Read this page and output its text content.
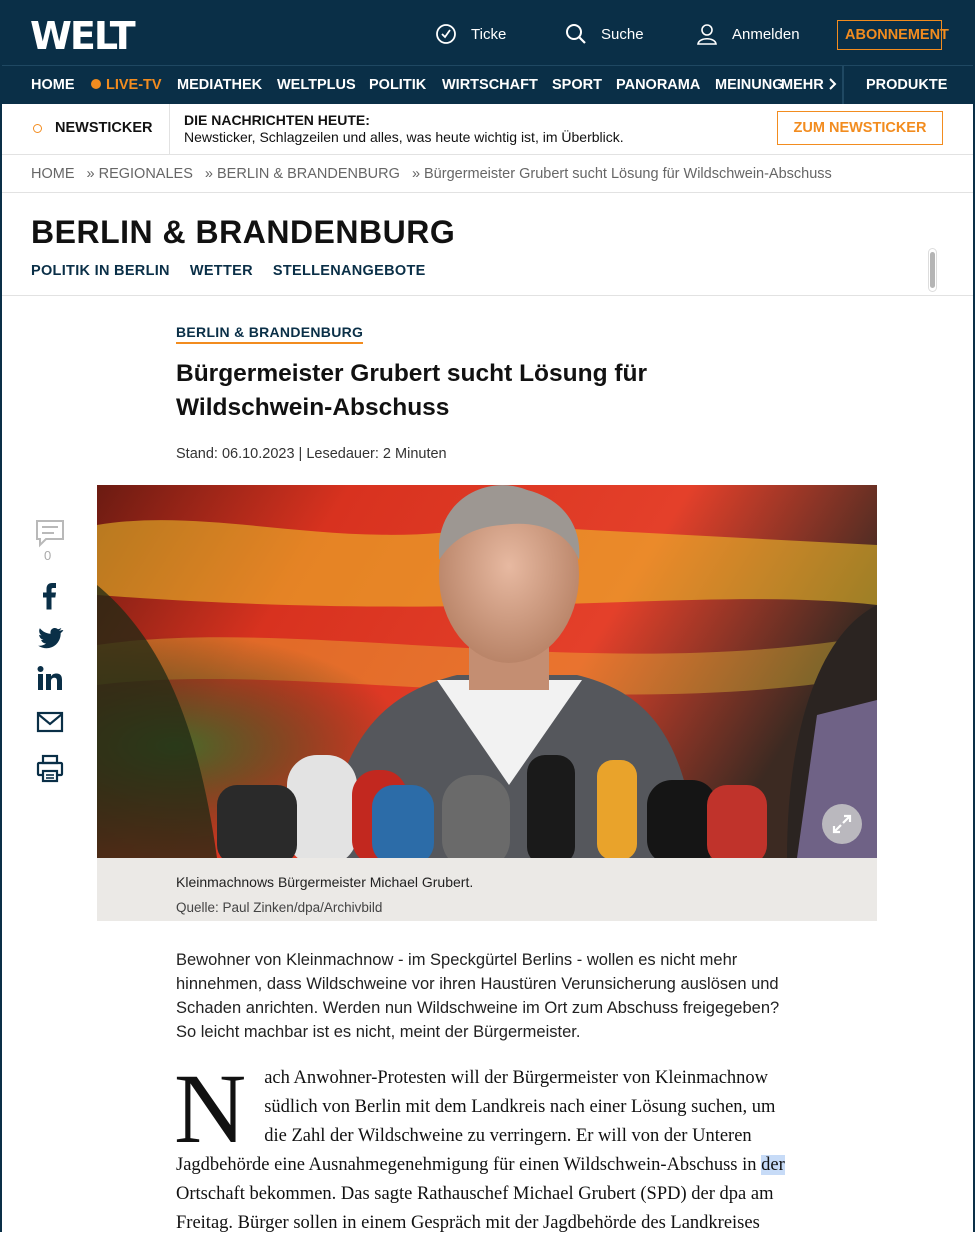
WELT	Ticke	Suche	Anmelden	ABONNEMENT
HOME	LIVE-TV MEDIATHEK WELTPLUS POLITIK WIRTSCHAFT SPORT PANORAMA MEINUNG
MEHR	PRODUKTE
NEWSTICKER DIE NACHRICHTEN HEUTE:
Newsticker, Schlagzeilen und alles, was heute wichtig ist, im Überblick.
ZUM NEWSTICKER
HOME » REGIONALES » BERLIN & BRANDENBURG » Bürgermeister Grubert sucht Lösung für Wildschwein-Abschuss
BERLIN & BRANDENBURG
POLITIK IN BERLIN WETTER STELLENANGEBOTE
BERLIN & BRANDENBURG
Bürgermeister Grubert sucht Lösung für Wildschwein-Abschuss
Stand: 06.10.2023 | Lesedauer: 2 Minuten
0
Kleinmachnows Bürgermeister Michael Grubert.
Quelle: Paul Zinken/dpa/Archivbild
Bewohner von Kleinmachnow - im Speckgürtel Berlins - wollen es nicht mehr hinnehmen, dass Wildschweine vor ihren Haustüren Verunsicherung auslösen und Schaden anrichten. Werden nun Wildschweine im Ort zum Abschuss freigegeben? So leicht machbar ist es nicht, meint der Bürgermeister.
Nach Anwohner-Protesten will der Bürgermeister von Kleinmachnow südlich von Berlin mit dem Landkreis nach einer Lösung suchen, um die Zahl der Wildschweine zu verringern. Er will von der Unteren Jagdbehörde eine Ausnahmegenehmigung für einen Wildschwein-Abschuss in der Ortschaft bekommen. Das sagte Rathauschef Michael Grubert (SPD) der dpa am Freitag. Bürger sollen in einem Gespräch mit der Jagdbehörde des Landkreises
